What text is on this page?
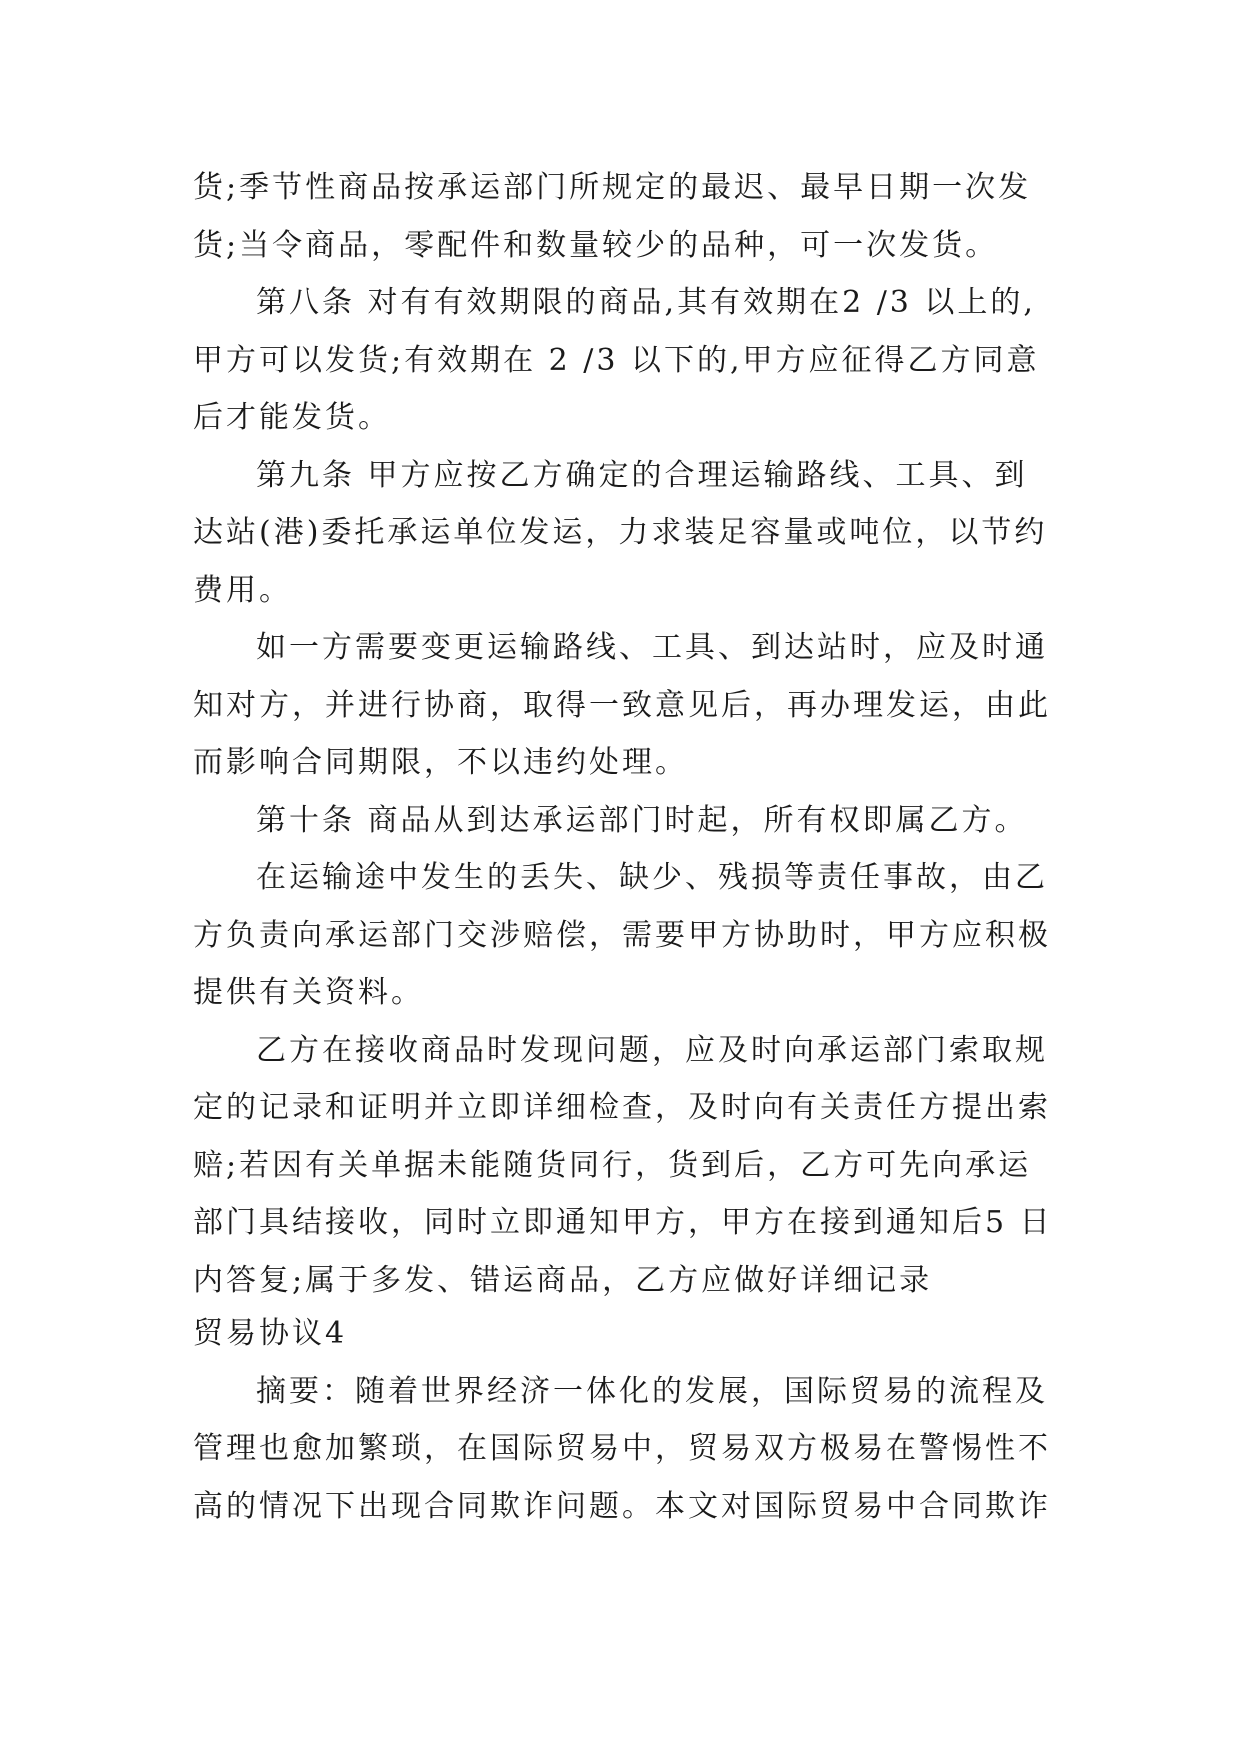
货;季节性商品按承运部门所规定的最迟、最早日期一次发
货;当令商品，零配件和数量较少的品种，可一次发货。
第八条 对有有效期限的商品,其有效期在2 /3 以上的,
甲方可以发货;有效期在 2 /3 以下的,甲方应征得乙方同意
后才能发货。
第九条 甲方应按乙方确定的合理运输路线、工具、到
达站(港)委托承运单位发运，力求装足容量或吨位，以节约
费用。
如一方需要变更运输路线、工具、到达站时，应及时通
知对方，并进行协商，取得一致意见后，再办理发运，由此
而影响合同期限，不以违约处理。
第十条 商品从到达承运部门时起，所有权即属乙方。
在运输途中发生的丢失、缺少、残损等责任事故，由乙
方负责向承运部门交涉赔偿，需要甲方协助时，甲方应积极
提供有关资料。
乙方在接收商品时发现问题，应及时向承运部门索取规
定的记录和证明并立即详细检查，及时向有关责任方提出索
赔;若因有关单据未能随货同行，货到后，乙方可先向承运
部门具结接收，同时立即通知甲方，甲方在接到通知后5 日
内答复;属于多发、错运商品，乙方应做好详细记录
贸易协议4
摘要：随着世界经济一体化的发展，国际贸易的流程及
管理也愈加繁琐，在国际贸易中，贸易双方极易在警惕性不
高的情况下出现合同欺诈问题。本文对国际贸易中合同欺诈
